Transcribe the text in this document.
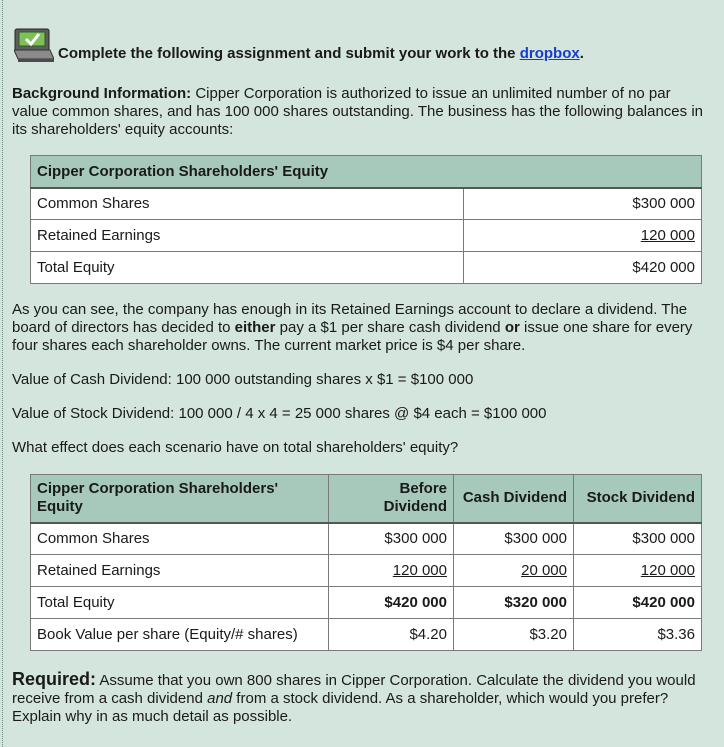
Complete the following assignment and submit your work to the dropbox.
Background Information: Cipper Corporation is authorized to issue an unlimited number of no par value common shares, and has 100 000 shares outstanding. The business has the following balances in its shareholders' equity accounts:
Cipper Corporation Shareholders' Equity	
Common Shares	$300 000
Retained Earnings	120 000
Total Equity	$420 000
As you can see, the company has enough in its Retained Earnings account to declare a dividend. The board of directors has decided to either pay a $1 per share cash dividend or issue one share for every four shares each shareholder owns. The current market price is $4 per share.
Value of Cash Dividend: 100 000 outstanding shares x $1 = $100 000
Value of Stock Dividend: 100 000 / 4 x 4 = 25 000 shares @ $4 each = $100 000
What effect does each scenario have on total shareholders' equity?
Cipper Corporation Shareholders' Equity	Before Dividend	Cash Dividend	Stock Dividend
Common Shares	$300 000	$300 000	$300 000
Retained Earnings	120 000	20 000	120 000
Total Equity	$420 000	$320 000	$420 000
Book Value per share (Equity/# shares)	$4.20	$3.20	$3.36
Required: Assume that you own 800 shares in Cipper Corporation. Calculate the dividend you would receive from a cash dividend and from a stock dividend. As a shareholder, which would you prefer? Explain why in as much detail as possible.
